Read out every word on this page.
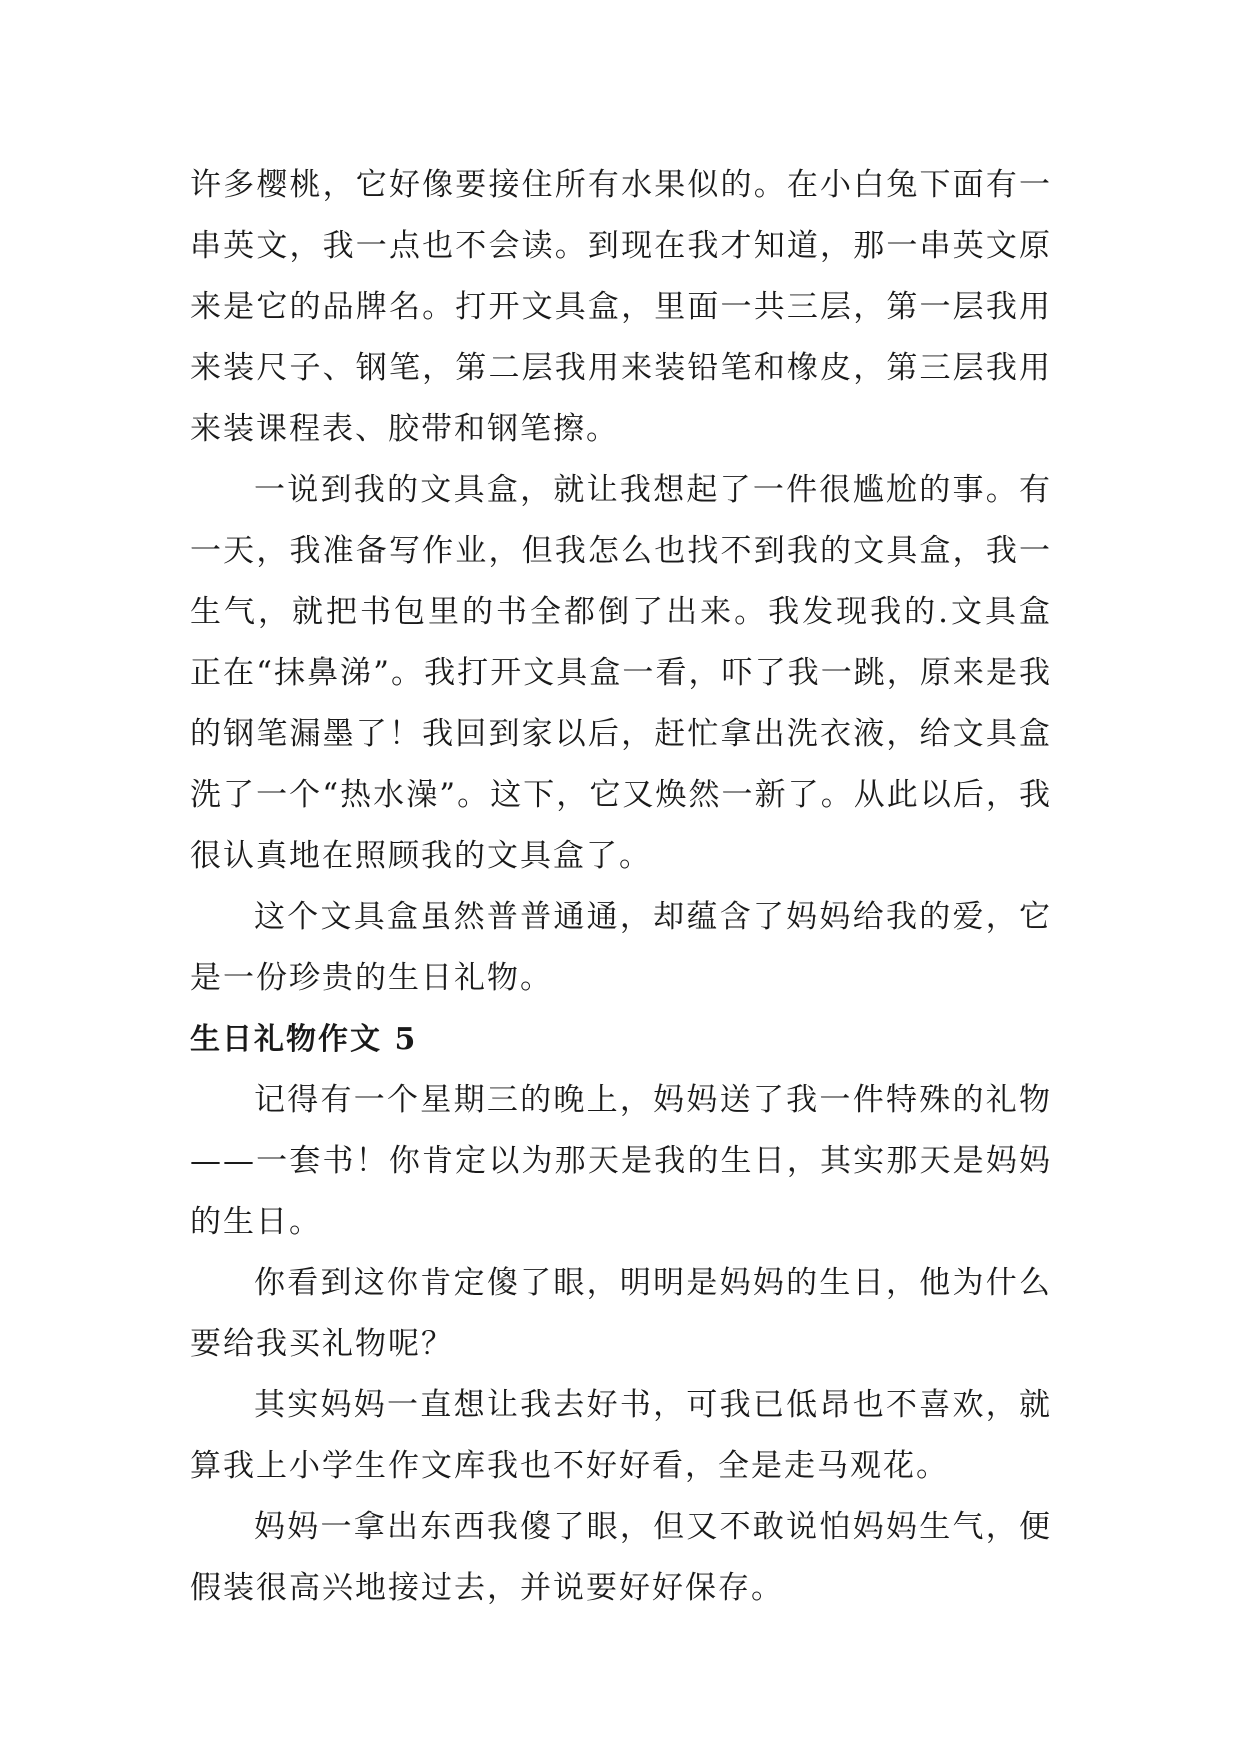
许多樱桃，它好像要接住所有水果似的。在小白兔下面有一串英文，我一点也不会读。到现在我才知道，那一串英文原来是它的品牌名。打开文具盒，里面一共三层，第一层我用来装尺子、钢笔，第二层我用来装铅笔和橡皮，第三层我用来装课程表、胶带和钢笔擦。

一说到我的文具盒，就让我想起了一件很尴尬的事。有一天，我准备写作业，但我怎么也找不到我的文具盒，我一生气，就把书包里的书全都倒了出来。我发现我的.文具盒正在“抹鼻涕”。我打开文具盒一看，吓了我一跳，原来是我的钢笔漏墨了！我回到家以后，赶忙拿出洗衣液，给文具盒洗了一个“热水澡”。这下，它又焕然一新了。从此以后，我很认真地在照顾我的文具盒了。

这个文具盒虽然普普通通，却蕴含了妈妈给我的爱，它是一份珍贵的生日礼物。

生日礼物作文 5

记得有一个星期三的晚上，妈妈送了我一件特殊的礼物——一套书！你肯定以为那天是我的生日，其实那天是妈妈的生日。

你看到这你肯定傻了眼，明明是妈妈的生日，他为什么要给我买礼物呢？

其实妈妈一直想让我去好书，可我已低昂也不喜欢，就算我上小学生作文库我也不好好看，全是走马观花。

妈妈一拿出东西我傻了眼，但又不敢说怕妈妈生气，便假装很高兴地接过去，并说要好好保存。
